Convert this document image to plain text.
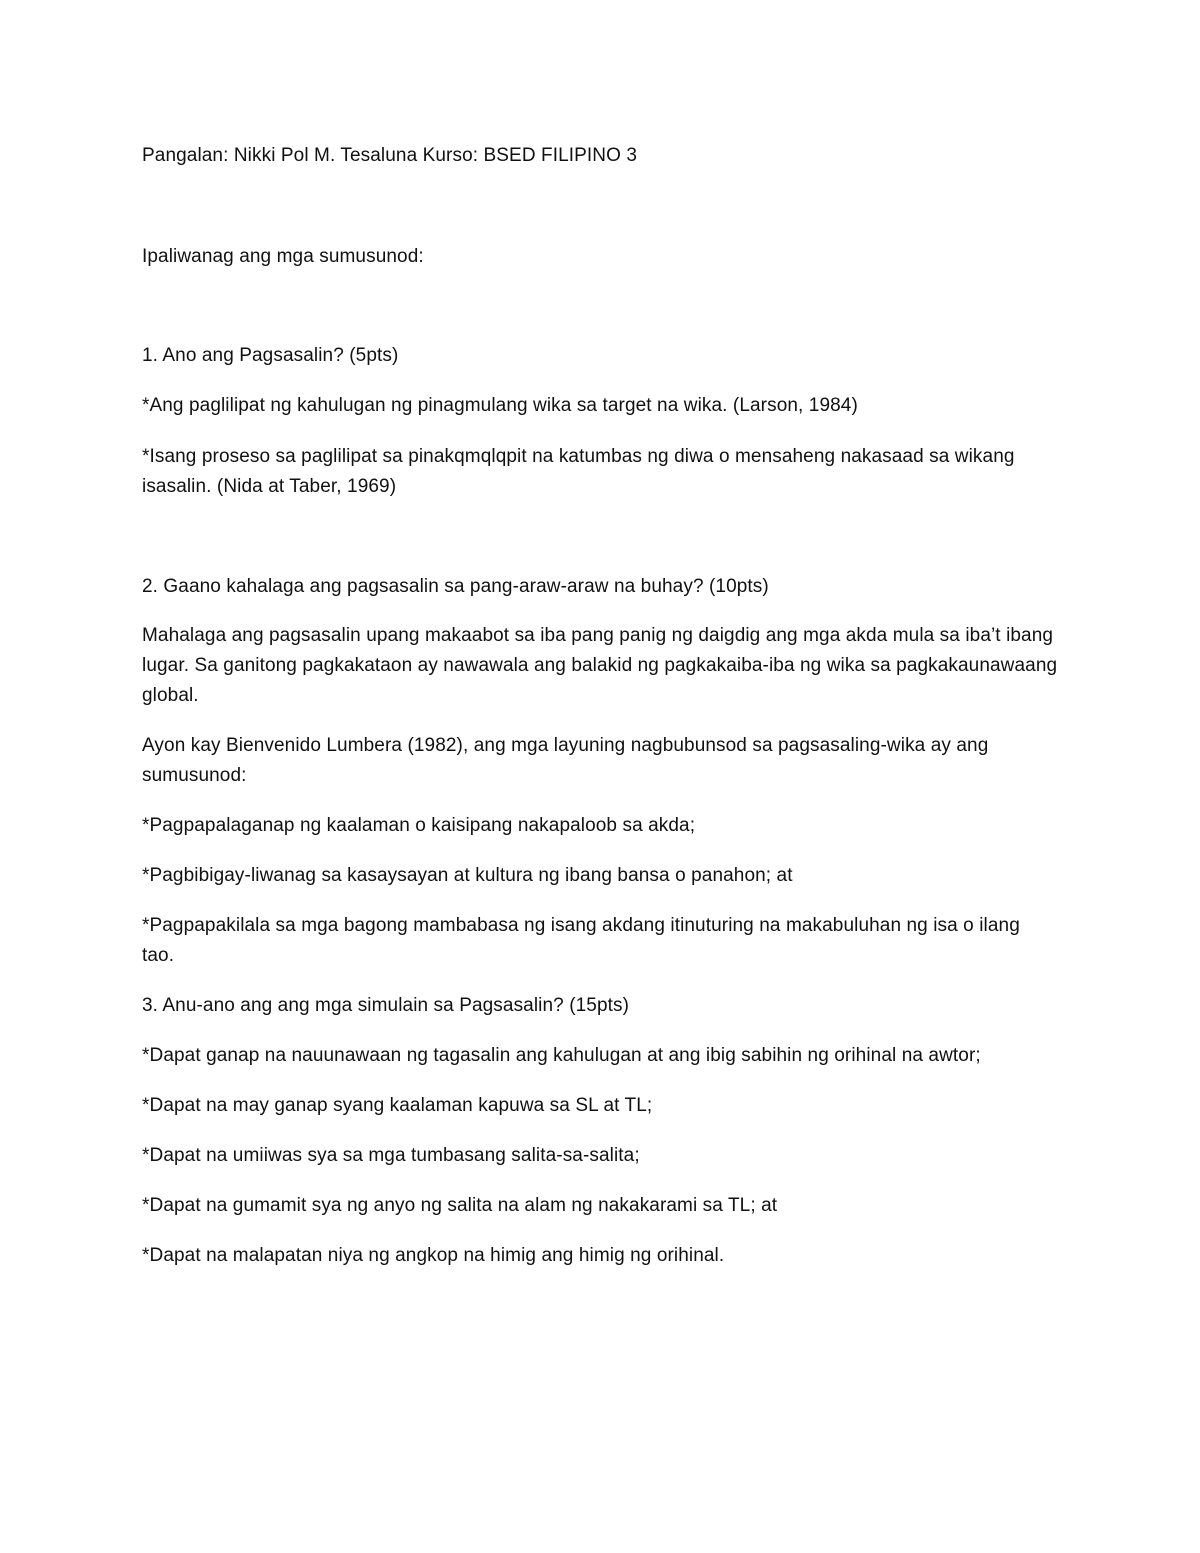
Pangalan: Nikki Pol M. Tesaluna Kurso: BSED FILIPINO 3
Ipaliwanag ang mga sumusunod:
1. Ano ang Pagsasalin? (5pts)
*Ang paglilipat ng kahulugan ng pinagmulang wika sa target na wika. (Larson, 1984)
*Isang proseso sa paglilipat sa pinakqmqlqpit na katumbas ng diwa o mensaheng nakasaad sa wikang
isasalin. (Nida at Taber, 1969)
2. Gaano kahalaga ang pagsasalin sa pang-araw-araw na buhay? (10pts)
Mahalaga ang pagsasalin upang makaabot sa iba pang panig ng daigdig ang mga akda mula sa iba’t ibang
lugar. Sa ganitong pagkakataon ay nawawala ang balakid ng pagkakaiba-iba ng wika sa pagkakaunawaang
global.
Ayon kay Bienvenido Lumbera (1982), ang mga layuning nagbubunsod sa pagsasaling-wika ay ang
sumusunod:
*Pagpapalaganap ng kaalaman o kaisipang nakapaloob sa akda;
*Pagbibigay-liwanag sa kasaysayan at kultura ng ibang bansa o panahon; at
*Pagpapakilala sa mga bagong mambabasa ng isang akdang itinuturing na makabuluhan ng isa o ilang
tao.
3. Anu-ano ang ang mga simulain sa Pagsasalin? (15pts)
*Dapat ganap na nauunawaan ng tagasalin ang kahulugan at ang ibig sabihin ng orihinal na awtor;
*Dapat na may ganap syang kaalaman kapuwa sa SL at TL;
*Dapat na umiiwas sya sa mga tumbasang salita-sa-salita;
*Dapat na gumamit sya ng anyo ng salita na alam ng nakakarami sa TL; at
*Dapat na malapatan niya ng angkop na himig ang himig ng orihinal.
